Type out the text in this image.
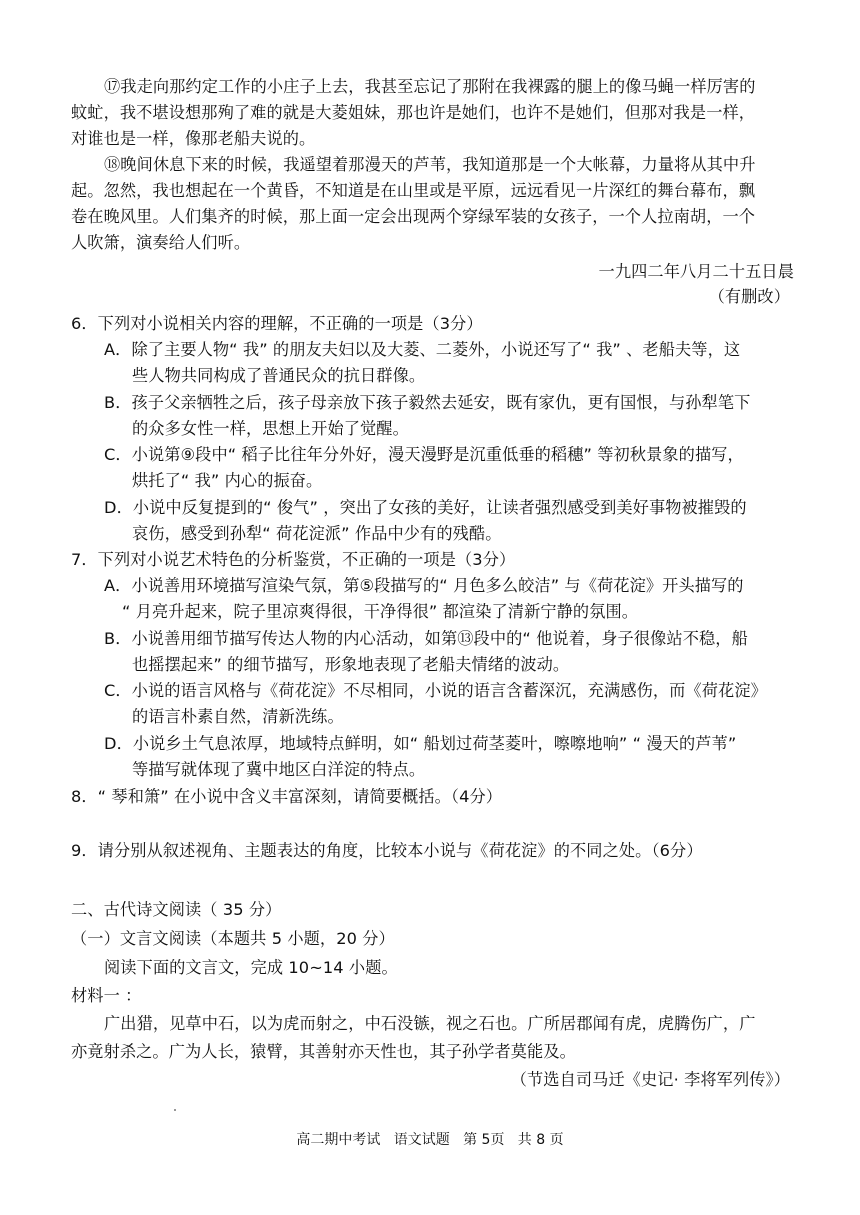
⑰我走向那约定工作的小庄子上去，我甚至忘记了那附在我裸露的腿上的像马蝇一样厉害的
蚊虻，我不堪设想那殉了难的就是大菱姐妹，那也许是她们，也许不是她们，但那对我是一样，
对谁也是一样，像那老船夫说的。
⑱晚间休息下来的时候，我遥望着那漫天的芦苇，我知道那是一个大帐幕，力量将从其中升
起。忽然，我也想起在一个黄昏，不知道是在山里或是平原，远远看见一片深红的舞台幕布，飘
卷在晚风里。人们集齐的时候，那上面一定会出现两个穿绿军装的女孩子，一个人拉南胡，一个
人吹箫，演奏给人们听。
一九四二年八月二十五日晨
（有删改）
6．下列对小说相关内容的理解，不正确的一项是（3分）
A．除了主要人物“ 我” 的朋友夫妇以及大菱、二菱外，小说还写了“ 我” 、老船夫等，这
些人物共同构成了普通民众的抗日群像。
B．孩子父亲牺牲之后，孩子母亲放下孩子毅然去延安，既有家仇，更有国恨，与孙犁笔下
的众多女性一样，思想上开始了觉醒。
C．小说第⑨段中“ 稻子比往年分外好，漫天漫野是沉重低垂的稻穗” 等初秋景象的描写，
烘托了“ 我” 内心的振奋。
D．小说中反复提到的“ 俊气” ，突出了女孩的美好，让读者强烈感受到美好事物被摧毁的
哀伤，感受到孙犁“ 荷花淀派” 作品中少有的残酷。
7．下列对小说艺术特色的分析鉴赏，不正确的一项是（3分）
A．小说善用环境描写渲染气氛，第⑤段描写的“ 月色多么皎洁” 与《荷花淀》开头描写的
“ 月亮升起来，院子里凉爽得很，干净得很” 都渲染了清新宁静的氛围。
B．小说善用细节描写传达人物的内心活动，如第⑬段中的“ 他说着，身子很像站不稳，船
也摇摆起来” 的细节描写，形象地表现了老船夫情绪的波动。
C．小说的语言风格与《荷花淀》不尽相同，小说的语言含蓄深沉，充满感伤，而《荷花淀》
的语言朴素自然，清新洗练。
D．小说乡土气息浓厚，地域特点鲜明，如“ 船划过荷茎菱叶，嚓嚓地响” “ 漫天的芦苇”
等描写就体现了冀中地区白洋淀的特点。
8．“ 琴和箫” 在小说中含义丰富深刻，请简要概括。（4分）
9．请分别从叙述视角、主题表达的角度，比较本小说与《荷花淀》的不同之处。（6分）
二、古代诗文阅读（ 35 分）
（一）文言文阅读（本题共 5 小题，20 分）
阅读下面的文言文，完成 10~14 小题。
材料一 ：
广出猎，见草中石，以为虎而射之，中石没镞，视之石也。广所居郡闻有虎，虎腾伤广，广
亦竟射杀之。广为人长，猿臂，其善射亦天性也，其子孙学者莫能及。
（节选自司马迁《史记· 李将军列传》）
高二期中考试   语文试题   第 5页   共 8 页
